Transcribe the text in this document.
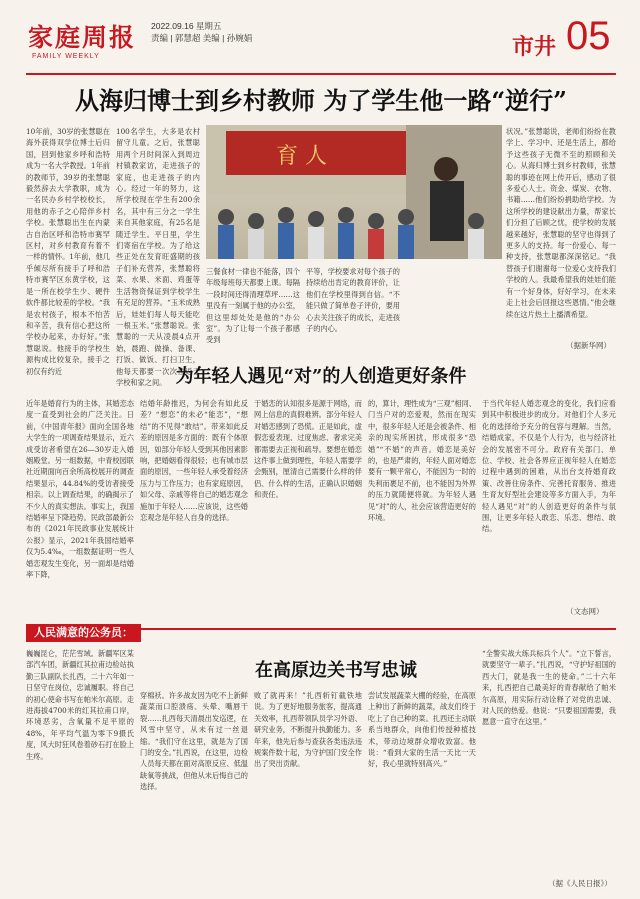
家庭周报
FAMILY WEEKLY
2022.09.16 星期五
责编 | 郭慧超 美编 | 孙婉娟	市井 05
从海归博士到乡村教师 为了学生他一路“逆行”
10年前，30岁的张慧聪在海外获得双学位博士后归国，回到他家乡呼和浩特成为一名大学教授。1年前的教师节，39岁的张慧聪毅然辞去大学教职，成为一名民办乡村学校校长，用他的赤子之心陪伴乡村学校。张慧聪出生在内蒙古自治区呼和浩特市赛罕区村，对乡村教育有着不一样的情怀。1年前，他几乎倾尽所有接手了呼和浩特市赛罕区东黄学校，这是一所在校学生少、硬件软件都比较差的学校。“我是农村孩子，根本不怕苦和辛苦，我有信心把这所学校办起来，办好好。”张慧聪说。他接手的学校生源构成比较复杂，接手之初仅有约近
100名学生，大多是农村留守儿童。之后，张慧聪用两个月时间深入到周边村镇教家访，走进孩子的家庭，也走进孩子的内心。经过一年的努力，这所学校现在学生有200余名，其中有三分之一学生来自其他家庭，有25名是随迁学生。平日里，学生们寄宿在学校。为了给这些正处在发育旺盛期的孩子们补充营养，张慧聪将菜、水果、米面、鸡蛋等生活物资保证到学校学生有充足的营养。“玉米成熟后，娃娃们每人每天能吃一根玉米。”张慧聪说。张慧聪的一天从凌晨4点开始，晨跑、做操、备课、打饭、做饭、打扫卫生，他每天都要一次次往返于学校和家之间。
育 人
三餐食材一律也不能落，四个年级每班每天都要上课。每隔一段时间还得清理草坪……这里没有一刻属于他的办公室，但这里却处处是他的“办公室”。为了让每一个孩子都感受到
平等，学校要求对每个孩子的持续给出肯定的教育评价，让他们在学校里得到自信。“不能只做了简单卷子评价，要用心去关注孩子的成长，走进孩子的内心。
状况。”张慧聪说，老师们纷纷在教学上、学习中、还是生活上，都给予这些孩子无微不至的照顾和关心。从海归博士到乡村教师，张慧聪的事迹在网上传开后，感动了很多爱心人士。资金、煤炭、衣物、书籍……他们纷纷捐助给学校。为这所学校的建设献出力量，帮家长们分担了后顾之忧，使学校的发展越来越好，张慧聪的坚守也得到了更多人的支持。每一份爱心、每一种支持，张慧聪都深深铭记。“我替孩子们谢谢每一位爱心支持我们学校的人。我最希望我的娃娃们能有一个好身体，好好学习，在未来走上社会后回报这些恩情。”他会继续在这片热土上播洒希望。
（据新华网）
为年轻人遇见“对”的人创造更好条件
近年是婚育行为的主体，其婚恋态度一直受到社会的广泛关注。日前，《中国青年报》面向全国各地大学生的一项调查结果显示，近六成受访者希望在26—30岁走入婚姻殿堂。另一组数据，中青校园联社近期面向百余所高校展开的调查结果显示，44.84%的受访者接受相亲。以上调查结果，的确揭示了不少人的真实想法。事实上，我国结婚率呈下降趋势。民政部最新公布的《2021年民政事业发展统计公报》显示，2021年我国结婚率仅为5.4‰，一组数据证明一些人婚恋观发生变化，另一面却是结婚率下降，
结婚年龄推迟，为何会有如此反差？“想恋”的未必“能恋”，“想结”的不见得“敢结”。带来如此反差的原因是多方面的：既有个体原因，如部分年轻人受到其他因素影响，把婚姻看得很轻；也有城市层面的原因，一些年轻人承受着经济压力与工作压力；也有家庭原因，如父母、亲戚等将自己的婚恋观念施加于年轻人……应该说，这些婚恋观念是年轻人自身的选择。
于婚恋的认知很多是源于网络，而网上信息的真假难辨。部分年轻人对婚恋感到了恐慌。正是如此，虚假恋爱表现、过度焦虑、奢求完美都需要去正视和疏导。要想在婚恋这件事上做到理性，年轻人需要学会甄别，厘清自己需要什么样的伴侣、什么样的生活，正确认识婚姻和责任。
的，算计，理性成为“三观”相同、门当户对的恋爱观，然而在现实中，很多年轻人还是会被条件、相亲的现实所困扰，形成很多“恐婚”“不婚”的声音。婚恋是美好的，也是严肃的，年轻人面对婚恋要有一颗平常心，不能因为一时的失利而裹足不前，也不能因为外界的压力就随便将就。为年轻人遇见“对”的人，社会应该营造更好的环境。
于当代年轻人婚恋观念的变化，我们应看到其中积极进步的成分。对他们个人多元化的选择给予充分的包容与理解。当然，结婚成家，不仅是个人行为，也与经济社会的发展密不可分。政府有关部门、单位、学校、社会各界应正视年轻人在婚恋过程中遇到的困难，从出台支持婚育政策、改善住房条件、完善托育服务、推进生育友好型社会建设等多方面入手，为年轻人遇见“对”的人创造更好的条件与氛围，让更多年轻人敢恋、乐恋、想结、敢结。
（文态网）
人民满意的公务员：
在高原边关书写忠诚
巍巍昆仑，茫茫雪域。新疆军区某部汽车团，新疆红其拉甫边检站执勤三队副队长扎西，二十六年如一日坚守在岗位，忠诚履职。将自己的初心使命书写在帕米尔高原。走进海拔4700米的红其拉甫口岸，环境恶劣，含氧量不足平原的48%，年平均气温为零下9摄氏度，风大时狂风卷着砂石打在脸上生疼。
穿棉袄。许多战友因为吃不上新鲜蔬菜而口腔溃疡、头晕、嘴唇干裂……扎西每天清晨出发巡逻，在风雪中坚守，从未有过一丝退缩。“我们守在这里，就是为了国门的安全。”扎西说，在这里，边检人员每天都在面对高原反应、低温缺氧等挑战，但他从未后悔自己的选择。
败了就再来！”扎西斩钉截铁地说。为了更好地服务旅客，提高通关效率，扎西带领队员学习外语、研究业务，不断提升执勤能力。多年来，他先后参与查获各类违法违规案件数十起，为守护国门安全作出了突出贡献。
尝试发展蔬菜大棚的经验，在高原上种出了新鲜的蔬菜，战友们终于吃上了自己种的菜。扎西还主动联系当地群众，向他们传授种植技术，带动边境群众增收致富。他说：“看到大家的生活一天比一天好，我心里就特别高兴。”
“全警实战大练兵标兵个人”。“立下誓言，就要坚守一辈子。”扎西说，“守护好祖国的西大门，就是我一生的使命。”二十六年来，扎西把自己最美好的青春献给了帕米尔高原，用实际行动诠释了对党的忠诚、对人民的热爱。他说：“只要祖国需要，我愿意一直守在这里。”
（据《人民日报》）
